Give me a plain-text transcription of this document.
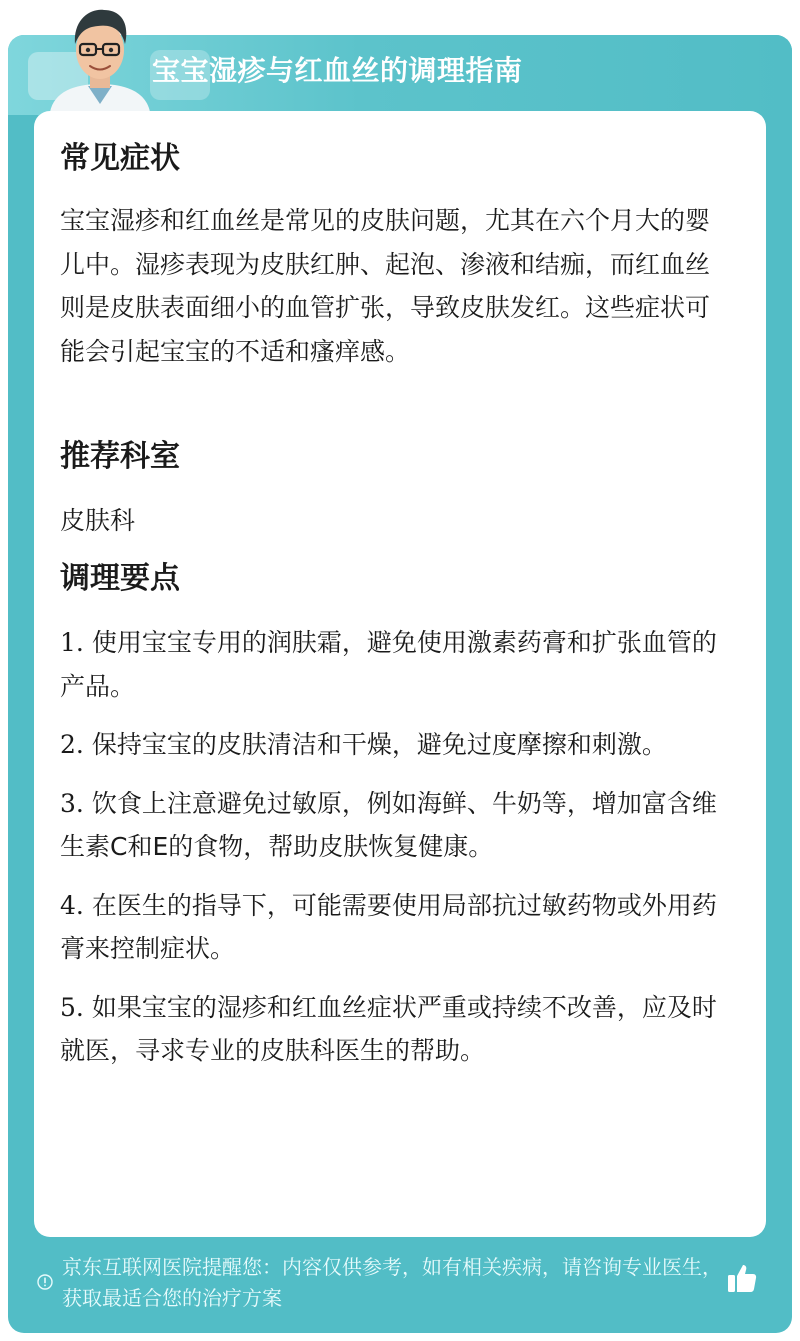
宝宝湿疹与红血丝的调理指南
常见症状

宝宝湿疹和红血丝是常见的皮肤问题，尤其在六个月大的婴儿中。湿疹表现为皮肤红肿、起泡、渗液和结痂，而红血丝则是皮肤表面细小的血管扩张，导致皮肤发红。这些症状可能会引起宝宝的不适和瘙痒感。

推荐科室

皮肤科

调理要点
1. 使用宝宝专用的润肤霜，避免使用激素药膏和扩张血管的产品。
2. 保持宝宝的皮肤清洁和干燥，避免过度摩擦和刺激。
3. 饮食上注意避免过敏原，例如海鲜、牛奶等，增加富含维生素C和E的食物，帮助皮肤恢复健康。
4. 在医生的指导下，可能需要使用局部抗过敏药物或外用药膏来控制症状。
5. 如果宝宝的湿疹和红血丝症状严重或持续不改善，应及时就医，寻求专业的皮肤科医生的帮助。
京东互联网医院提醒您：内容仅供参考，如有相关疾病，请咨询专业医生，获取最适合您的治疗方案
